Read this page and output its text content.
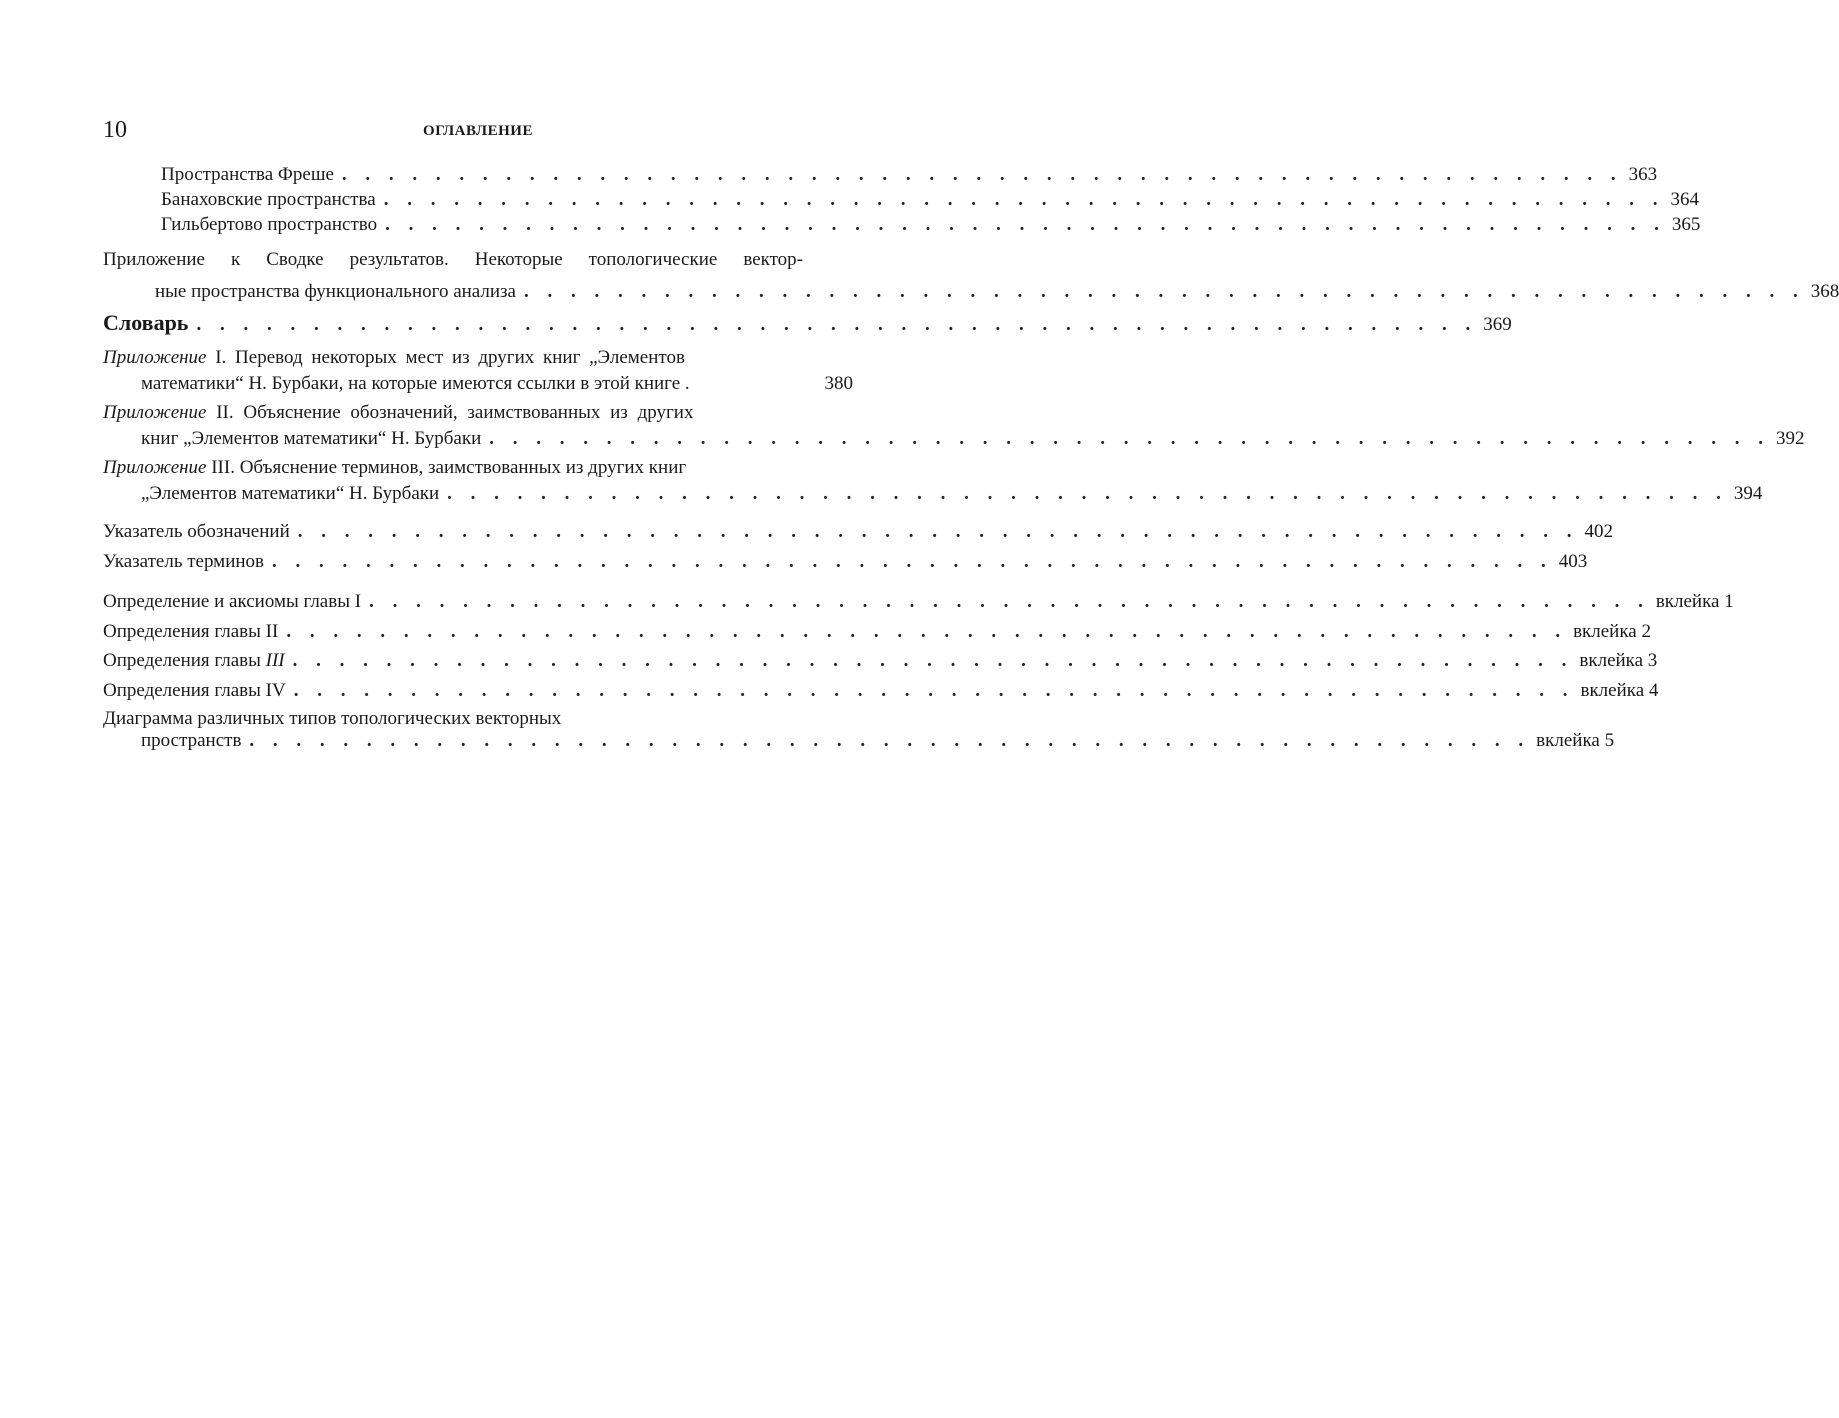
10	ОГЛАВЛЕНИЕ
Пространства Фреше . . . . . . . . . . . . . . . . . . . . . . . . . . . . . . . . . . . . . . . . . . . . . . . . . . . . . . . 363
Банаховские пространства . . . . . . . . . . . . . . . . . . . . . . . . . . . . . . . . . . . . . . . . . . . . . . . . . . . . . . . 364
Гильбертово пространство . . . . . . . . . . . . . . . . . . . . . . . . . . . . . . . . . . . . . . . . . . . . . . . . . . . . . . . 365
Приложение к Сводке результатов. Некоторые топологические вектор-
ные пространства функционального анализа . . . . . . . . . . . . . . . . . . . . . . . . . . . . . . . . . . . . . . . . . . . . . . . . . . . . . . . 368
Словарь . . . . . . . . . . . . . . . . . . . . . . . . . . . . . . . . . . . . . . . . . . . . . . . . . . . . . . . 369
Приложение I. Перевод некоторых мест из других книг „Элементов
математики“ Н. Бурбаки, на которые имеются ссылки в этой книге .	380
Приложение II. Объяснение обозначений, заимствованных из других
книг „Элементов математики“ Н. Бурбаки . . . . . . . . . . . . . . . . . . . . . . . . . . . . . . . . . . . . . . . . . . . . . . . . . . . . . . . 392
Приложение III. Объяснение терминов, заимствованных из других книг
„Элементов математики“ Н. Бурбаки . . . . . . . . . . . . . . . . . . . . . . . . . . . . . . . . . . . . . . . . . . . . . . . . . . . . . . . 394
Указатель обозначений . . . . . . . . . . . . . . . . . . . . . . . . . . . . . . . . . . . . . . . . . . . . . . . . . . . . . . . 402
Указатель терминов . . . . . . . . . . . . . . . . . . . . . . . . . . . . . . . . . . . . . . . . . . . . . . . . . . . . . . . 403
Определение и аксиомы главы I . . . . . . . . . . . . . . . . . . . . . . . . . . . . . . . . . . . . . . . . . . . . . . . . . . . . . . . вклейка 1
Определения главы II . . . . . . . . . . . . . . . . . . . . . . . . . . . . . . . . . . . . . . . . . . . . . . . . . . . . . . . вклейка 2
Определения главы III . . . . . . . . . . . . . . . . . . . . . . . . . . . . . . . . . . . . . . . . . . . . . . . . . . . . . . . вклейка 3
Определения главы IV . . . . . . . . . . . . . . . . . . . . . . . . . . . . . . . . . . . . . . . . . . . . . . . . . . . . . . . вклейка 4
Диаграмма различных типов топологических векторных
пространств . . . . . . . . . . . . . . . . . . . . . . . . . . . . . . . . . . . . . . . . . . . . . . . . . . . . . . . вклейка 5
